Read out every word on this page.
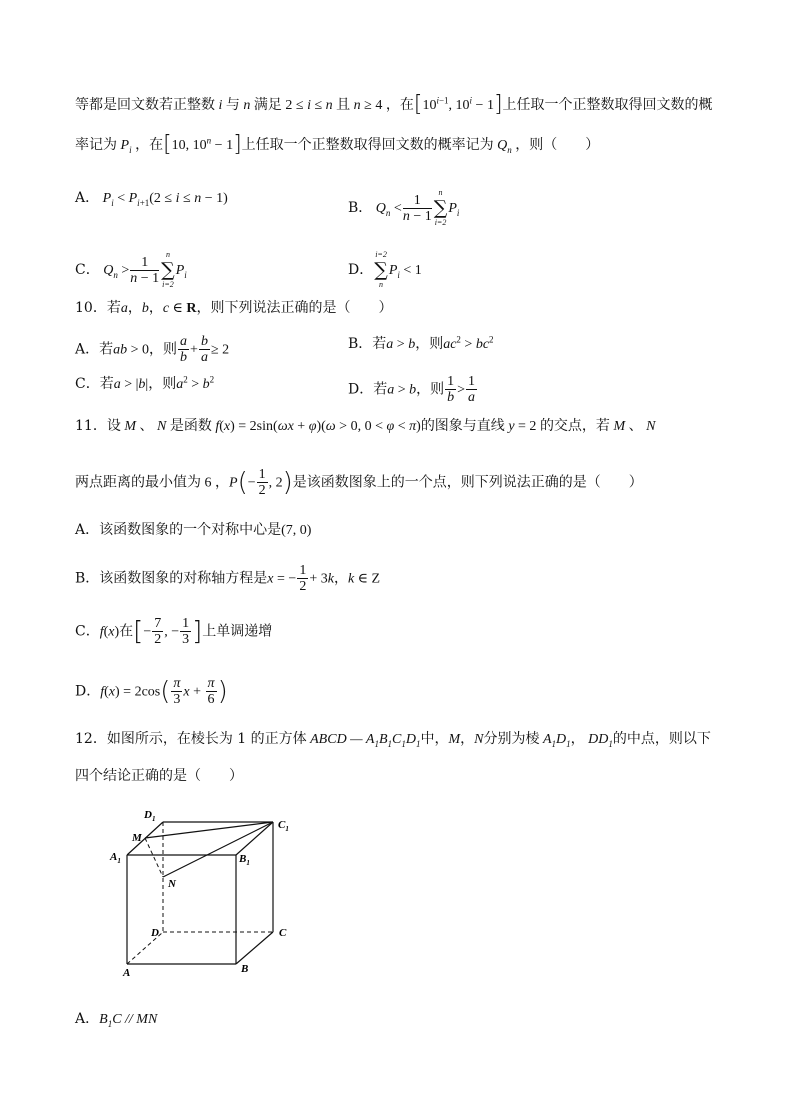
等都是回文数若正整数 i 与 n 满足 2 ≤ i ≤ n 且 n ≥ 4 ，在[$10^{i-1}$, $10^i - 1$]上任取一个正整数取得回文数的概
率记为 $P_i$ ，在[10, $10^n - 1$]上任取一个正整数取得回文数的概率记为 $Q_n$ ，则（　　）
A． $P_i < P_{i+1}(2 \le i \le n - 1)$
B． $Q_n < \frac{1}{n - 1}$ n
∑
i=2
$P_i$
C． $Q_n > \frac{1}{n - 1}$ n
∑
i=2
$P_i$	D．
i=2
∑
n
$P_i < 1$
10．若a，b，c ∈ R，则下列说法正确的是（　　）
A．若ab > 0，则 $\frac{a}{b} + \frac{b}{a} \ge 2$	B．若a > b，则$ac^2 > bc^2$
C．若a > |b|，则$a^2 > b^2$
D．若a > b，则 $\frac{1}{b} > \frac{1}{a}$
11．设 M 、 N 是函数 f(x) = 2sin(ωx + φ)(ω > 0, 0 < φ < π)的图象与直线 y = 2 的交点，若 M 、 N
两点距离的最小值为 6 ，$P(- \frac{1}{2}$ , 2)是该函数图象上的一个点，则下列说法正确的是（　　）
A．该函数图象的一个对称中心是(7, 0)
B．该函数图象的对称轴方程是x = − $\frac{1}{2} + 3k$，k ∈ Z
C．f(x)在[− $\frac{7}{2}$ , − $\frac{1}{3}$ ]上单调递增
D．$f(x) = 2\cos( \frac{\pi}{3}$ $x + \frac{\pi}{6}$ )
12．如图所示，在棱长为 1 的正方体 ABCD — $A_1B_1C_1D_1$中，M，N分别为棱 $A_1D_1$， $DD_1$的中点，则以下
四个结论正确的是（　　）
$D_1$	$C_1$
$A_1$	$B_1$
M
N
D	C
A	B
A．$B_1C$ // MN
